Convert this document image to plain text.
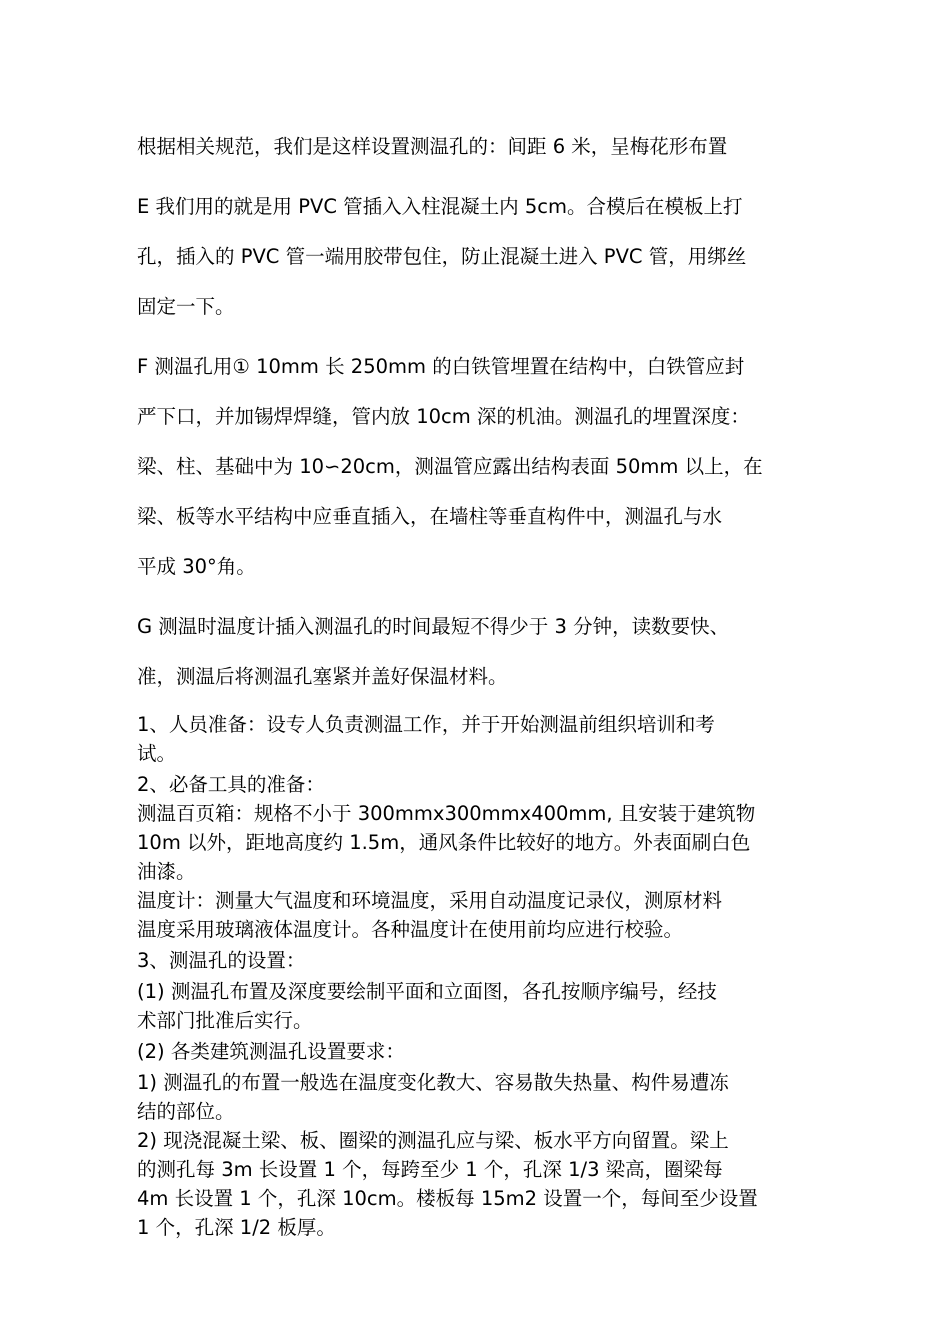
根据相关规范，我们是这样设置测温孔的：间距 6 米，呈梅花形布置

E 我们用的就是用 PVC 管插入入柱混凝土内 5cm。合模后在模板上打
孔，插入的 PVC 管一端用胶带包住，防止混凝土进入 PVC 管，用绑丝
固定一下。

F 测温孔用① 10mm 长 250mm 的白铁管埋置在结构中，白铁管应封
严下口，并加锡焊焊缝，管内放 10cm 深的机油。测温孔的埋置深度：
梁、柱、基础中为 10∽20cm，测温管应露出结构表面 50mm 以上，在
梁、板等水平结构中应垂直插入，在墙柱等垂直构件中，测温孔与水
平成 30°角。

G 测温时温度计插入测温孔的时间最短不得少于 3 分钟，读数要快、
准，测温后将测温孔塞紧并盖好保温材料。

1、人员准备：设专人负责测温工作，并于开始测温前组织培训和考
试。

2、必备工具的准备：

测温百页箱：规格不小于 300mmx300mmx400mm, 且安装于建筑物
10m 以外，距地高度约 1.5m，通风条件比较好的地方。外表面刷白色
油漆。

温度计：测量大气温度和环境温度，采用自动温度记录仪，测原材料
温度采用玻璃液体温度计。各种温度计在使用前均应进行校验。

3、测温孔的设置：

(1) 测温孔布置及深度要绘制平面和立面图，各孔按顺序编号，经技
术部门批准后实行。

(2) 各类建筑测温孔设置要求：

1) 测温孔的布置一般选在温度变化教大、容易散失热量、构件易遭冻
结的部位。

2) 现浇混凝土梁、板、圈梁的测温孔应与梁、板水平方向留置。梁上
的测孔每 3m 长设置 1 个，每跨至少 1 个，孔深 1/3 梁高，圈梁每
4m 长设置 1 个，孔深 10cm。楼板每 15m2 设置一个，每间至少设置
1 个，孔深 1/2 板厚。
